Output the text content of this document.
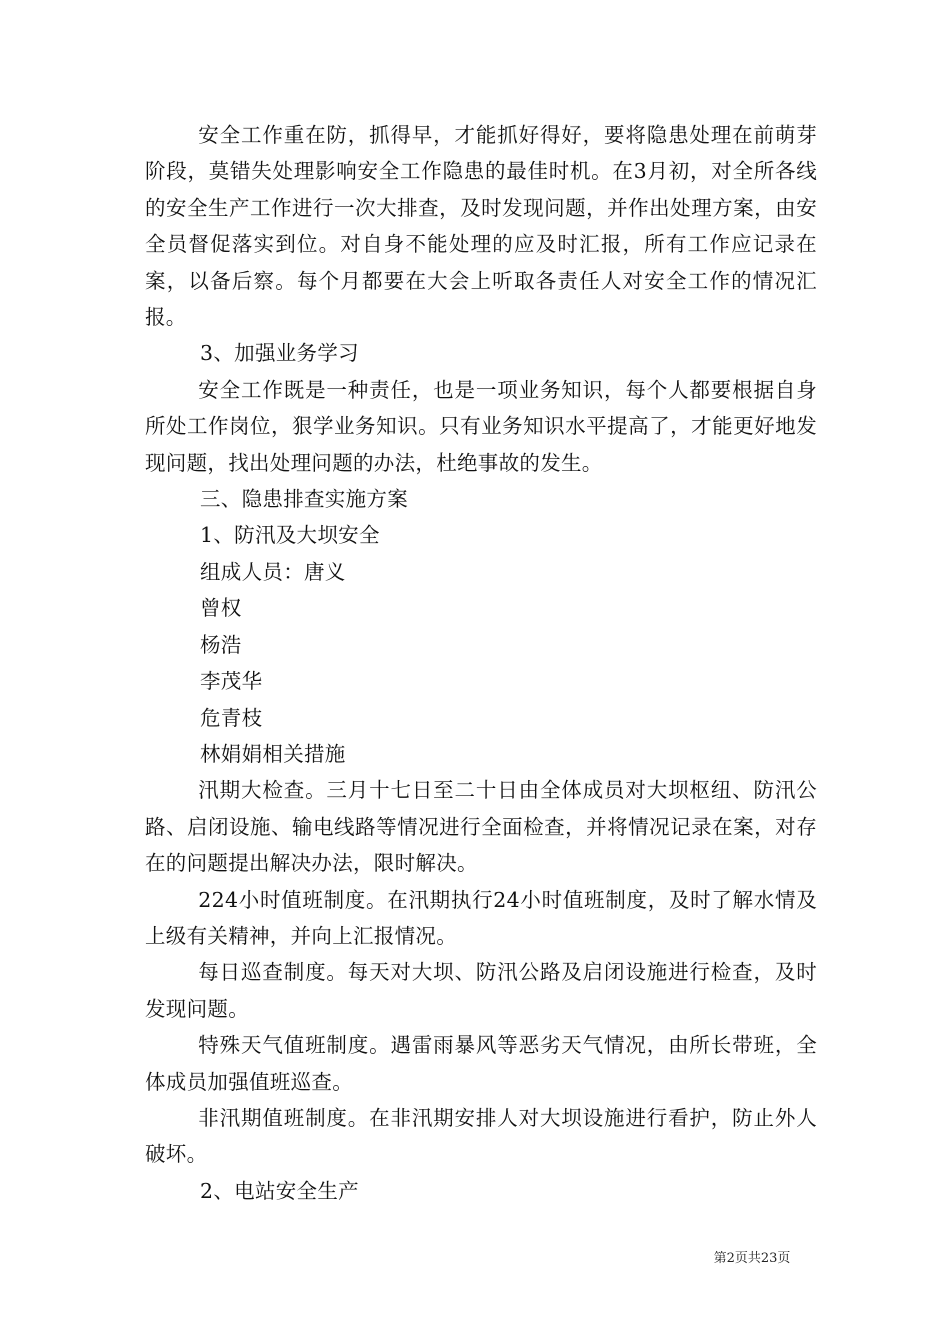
安全工作重在防，抓得早，才能抓好得好，要将隐患处理在前萌芽阶段，莫错失处理影响安全工作隐患的最佳时机。在3月初，对全所各线的安全生产工作进行一次大排查，及时发现问题，并作出处理方案，由安全员督促落实到位。对自身不能处理的应及时汇报，所有工作应记录在案，以备后察。每个月都要在大会上听取各责任人对安全工作的情况汇报。

3、加强业务学习

安全工作既是一种责任，也是一项业务知识，每个人都要根据自身所处工作岗位，狠学业务知识。只有业务知识水平提高了，才能更好地发现问题，找出处理问题的办法，杜绝事故的发生。

三、隐患排查实施方案

1、防汛及大坝安全

组成人员：唐义

曾权

杨浩

李茂华

危青枝

林娟娟相关措施

汛期大检查。三月十七日至二十日由全体成员对大坝枢纽、防汛公路、启闭设施、输电线路等情况进行全面检查，并将情况记录在案，对存在的问题提出解决办法，限时解决。

224小时值班制度。在汛期执行24小时值班制度，及时了解水情及上级有关精神，并向上汇报情况。

每日巡查制度。每天对大坝、防汛公路及启闭设施进行检查，及时发现问题。

特殊天气值班制度。遇雷雨暴风等恶劣天气情况，由所长带班，全体成员加强值班巡查。

非汛期值班制度。在非汛期安排人对大坝设施进行看护，防止外人破坏。

2、电站安全生产

第2页共23页
